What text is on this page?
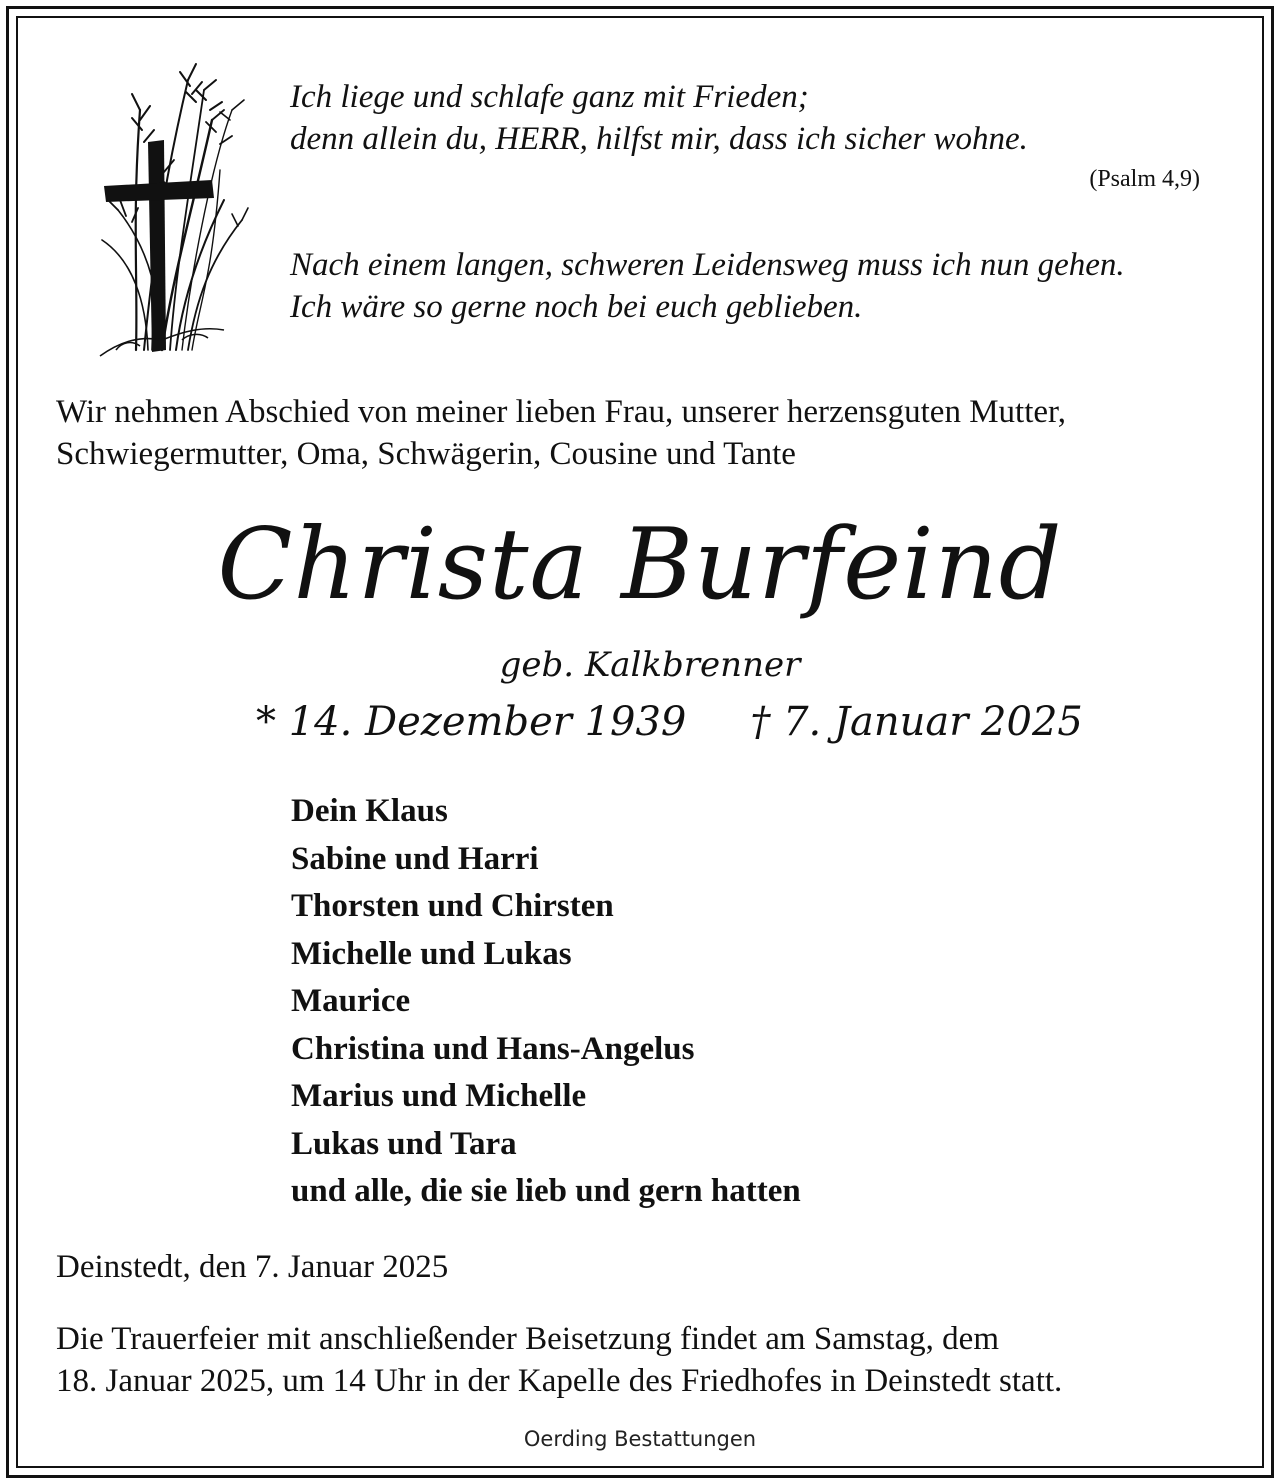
Ich liege und schlafe ganz mit Frieden;
denn allein du, HERR, hilfst mir, dass ich sicher wohne.
(Psalm 4,9)
Nach einem langen, schweren Leidensweg muss ich nun gehen.
Ich wäre so gerne noch bei euch geblieben.
Wir nehmen Abschied von meiner lieben Frau, unserer herzensguten Mutter,
Schwiegermutter, Oma, Schwägerin, Cousine und Tante
Christa Burfeind
geb. Kalkbrenner
* 14. Dezember 1939 † 7. Januar 2025
Dein Klaus
Sabine und Harri
Thorsten und Chirsten
Michelle und Lukas
Maurice
Christina und Hans-Angelus
Marius und Michelle
Lukas und Tara
und alle, die sie lieb und gern hatten
Deinstedt, den 7. Januar 2025
Die Trauerfeier mit anschließender Beisetzung findet am Samstag, dem
18. Januar 2025, um 14 Uhr in der Kapelle des Friedhofes in Deinstedt statt.
Oerding Bestattungen
